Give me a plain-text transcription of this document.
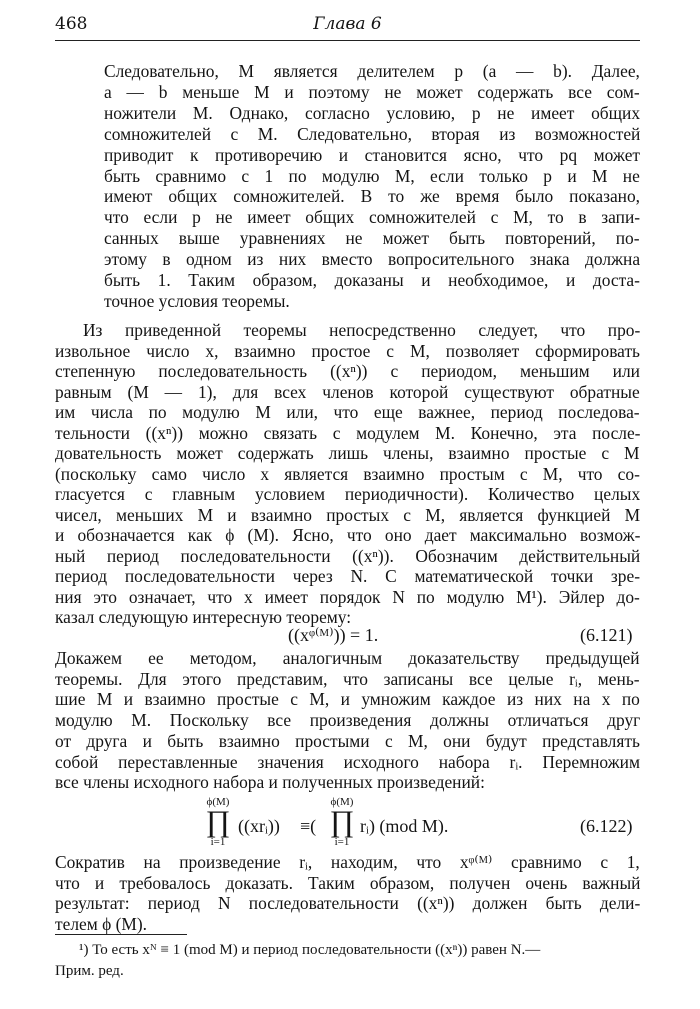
468	Глава 6
Следовательно, M является делителем p (a — b). Далее,
a — b меньше M и поэтому не может содержать все сом-
ножители M. Однако, согласно условию, p не имеет общих
сомножителей с M. Следовательно, вторая из возможностей
приводит к противоречию и становится ясно, что pq может
быть сравнимо с 1 по модулю M, если только p и M не
имеют общих сомножителей. В то же время было показано,
что если p не имеет общих сомножителей с M, то в запи-
санных выше уравнениях не может быть повторений, по-
этому в одном из них вместо вопросительного знака должна
быть 1. Таким образом, доказаны и необходимое, и доста-
точное условия теоремы.
Из приведенной теоремы непосредственно следует, что про-
извольное число x, взаимно простое с M, позволяет сформировать
степенную последовательность ((xⁿ)) с периодом, меньшим или
равным (M — 1), для всех членов которой существуют обратные
им числа по модулю M или, что еще важнее, период последова-
тельности ((xⁿ)) можно связать с модулем M. Конечно, эта после-
довательность может содержать лишь члены, взаимно простые с M
(поскольку само число x является взаимно простым с M, что со-
гласуется с главным условием периодичности). Количество целых
чисел, меньших M и взаимно простых с M, является функцией M
и обозначается как ϕ (M). Ясно, что оно дает максимально возмож-
ный период последовательности ((xⁿ)). Обозначим действительный
период последовательности через N. С математической точки зре-
ния это означает, что x имеет порядок N по модулю M¹). Эйлер до-
казал следующую интересную теорему:
((xᵠ⁽ᴹ⁾)) = 1.	(6.121)
Докажем ее методом, аналогичным доказательству предыдущей
теоремы. Для этого представим, что записаны все целые rᵢ, мень-
шие M и взаимно простые с M, и умножим каждое из них на x по
модулю M. Поскольку все произведения должны отличаться друг
от друга и быть взаимно простыми с M, они будут представлять
собой переставленные значения исходного набора rᵢ. Перемножим
все члены исходного набора и полученных произведений:
ϕ(M)
∏
i=1
((xrᵢ)) ≡(
ϕ(M)
∏
i=1
rᵢ) (mod M).	(6.122)
Сократив на произведение rᵢ, находим, что xᵠ⁽ᴹ⁾ сравнимо с 1,
что и требовалось доказать. Таким образом, получен очень важный
результат: период N последовательности ((xⁿ)) должен быть дели-
телем ϕ (M).
¹) То есть xᴺ ≡ 1 (mod M) и период последовательности ((xⁿ)) равен N.—
Прим. ред.
